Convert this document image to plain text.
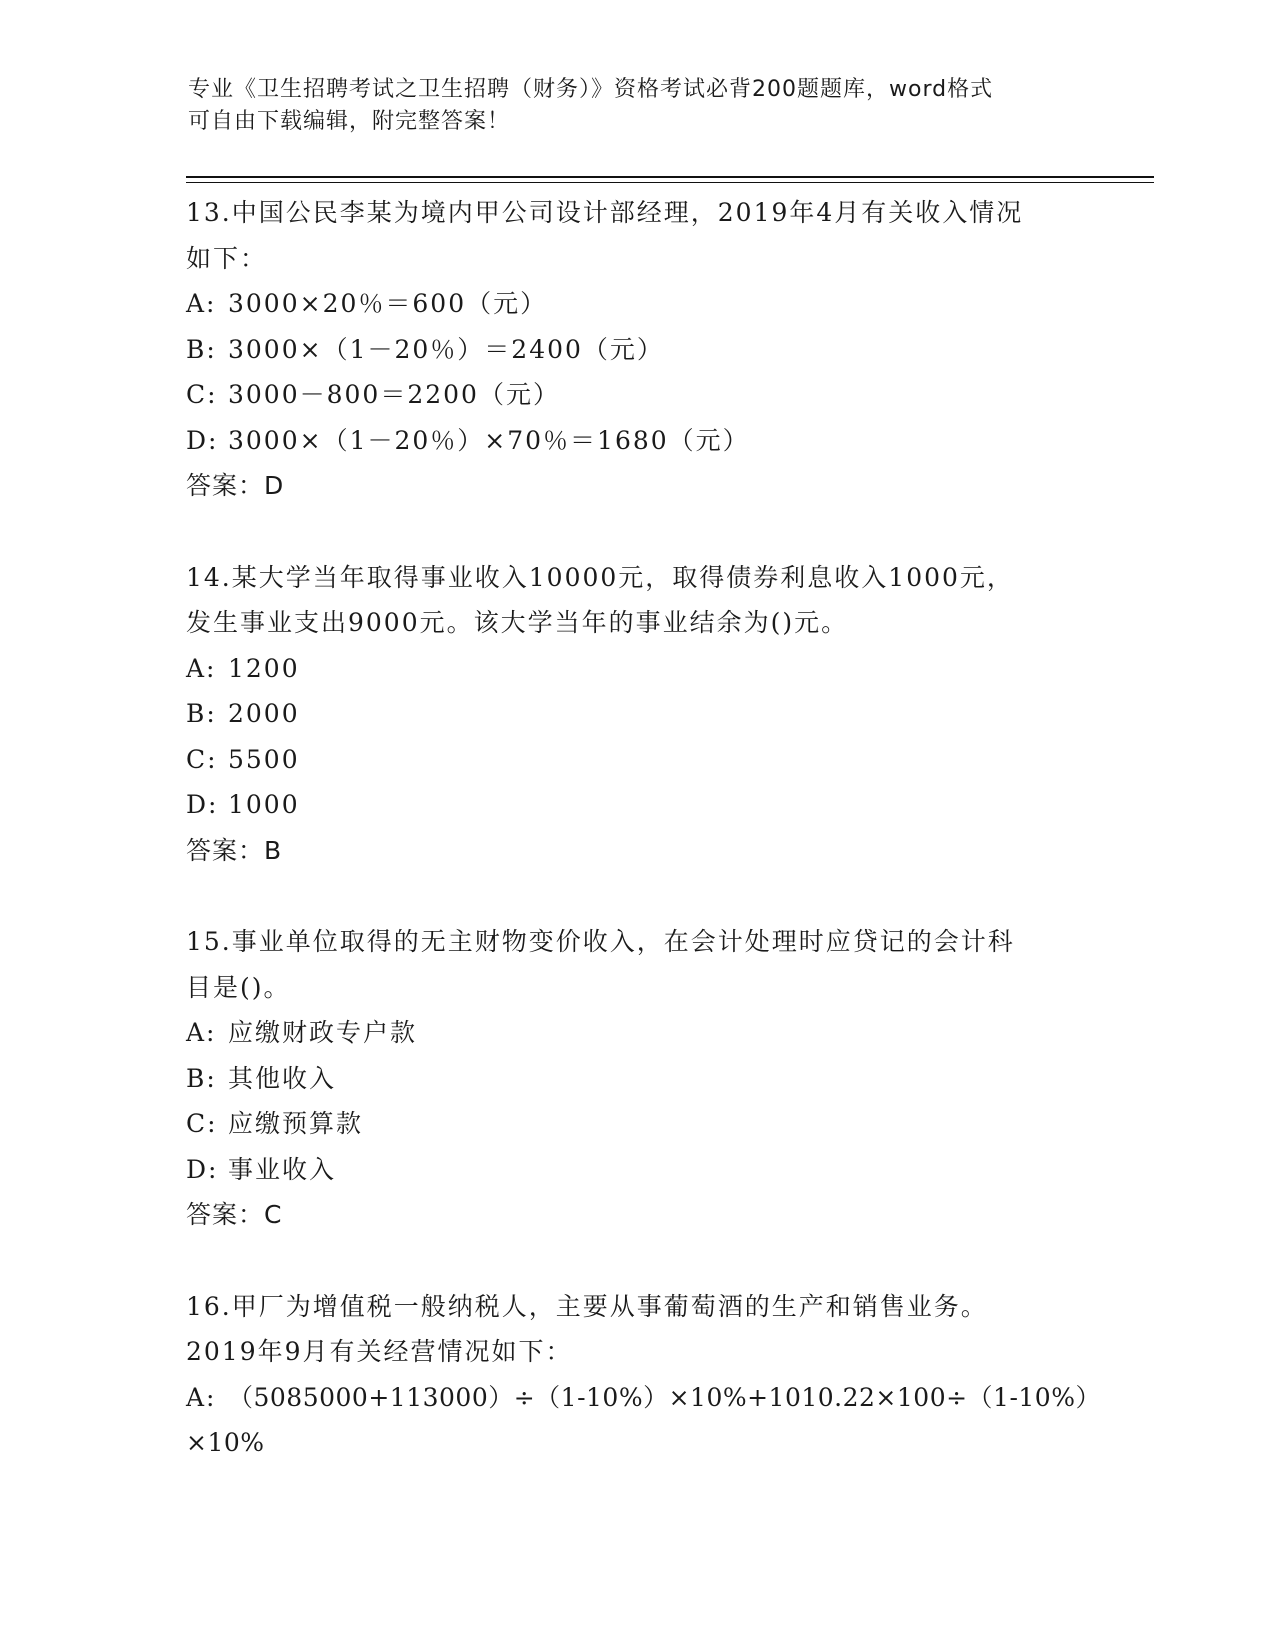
专业《卫生招聘考试之卫生招聘（财务）》资格考试必背200题题库，word格式
可自由下载编辑，附完整答案！
13.中国公民李某为境内甲公司设计部经理，2019年4月有关收入情况
如下：
A: 3000×20％＝600（元）
B: 3000×（1－20％）＝2400（元）
C: 3000－800＝2200（元）
D: 3000×（1－20％）×70％＝1680（元）
答案：D
14.某大学当年取得事业收入10000元，取得债券利息收入1000元，
发生事业支出9000元。该大学当年的事业结余为()元。
A: 1200
B: 2000
C: 5500
D: 1000
答案：B
15.事业单位取得的无主财物变价收入，在会计处理时应贷记的会计科
目是()。
A: 应缴财政专户款
B: 其他收入
C: 应缴预算款
D: 事业收入
答案：C
16.甲厂为增值税一般纳税人，主要从事葡萄酒的生产和销售业务。
2019年9月有关经营情况如下：
A: （5085000+113000）÷（1-10%）×10%+1010.22×100÷（1-10%）
×10%
